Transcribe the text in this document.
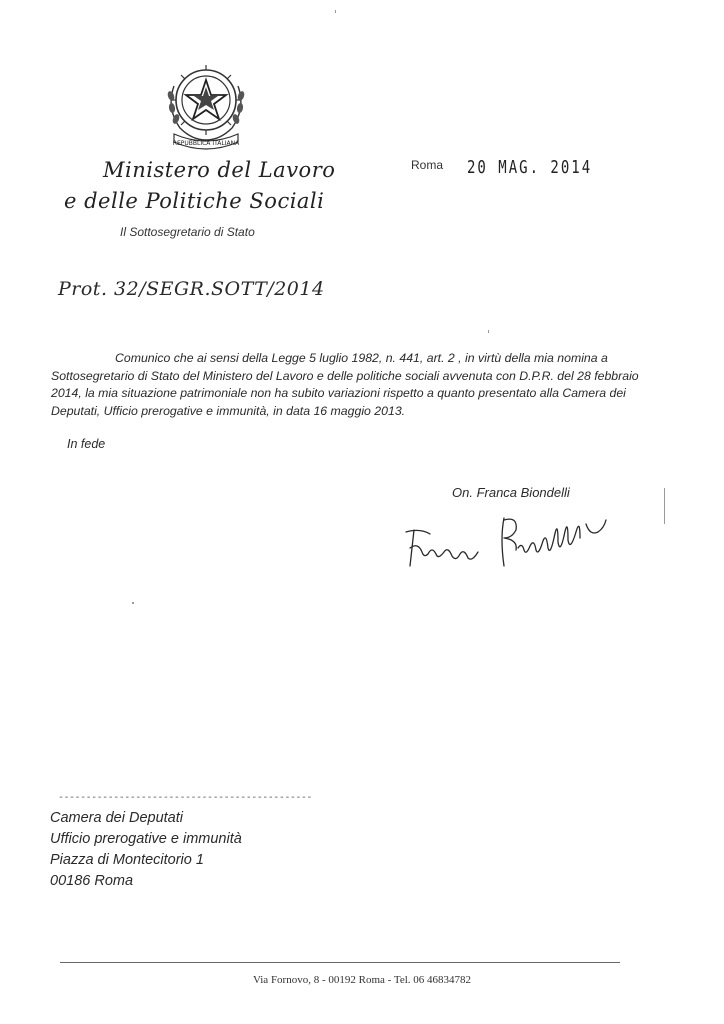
REPUBBLICA ITALIANA
Ministero del Lavoro
e delle Politiche Sociali
Il Sottosegretario di Stato
Roma 20 MAG. 2014
Prot. 32/SEGR.SOTT/2014

Comunico che ai sensi della Legge 5 luglio 1982, n. 441, art. 2 , in virtù della mia nomina a Sottosegretario di Stato del Ministero del Lavoro e delle politiche sociali avvenuta con D.P.R. del 28 febbraio 2014, la mia situazione patrimoniale non ha subito variazioni rispetto a quanto presentato alla Camera dei Deputati, Ufficio prerogative e immunità, in data 16 maggio 2013.

In fede
On. Franca Biondelli
----------------------------------------------
Camera dei Deputati
Ufficio prerogative e immunità
Piazza di Montecitorio 1
00186 Roma
Via Fornovo, 8 - 00192 Roma - Tel. 06 46834782
